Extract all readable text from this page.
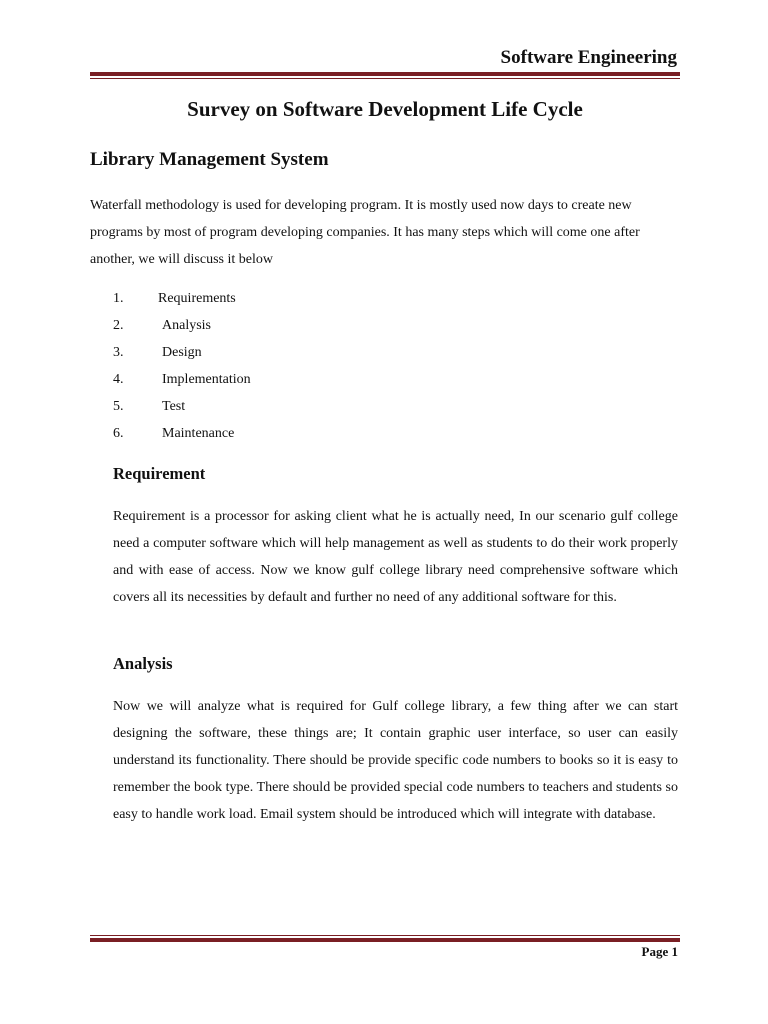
Software Engineering
Survey on Software Development Life Cycle
Library Management System

Waterfall methodology is used for developing program. It is mostly used now days to create new programs by most of program developing companies. It has many steps which will come one after another, we will discuss it below

1. Requirements
2.	Analysis
3.	Design
4.	Implementation
5.	Test
6.	Maintenance
Requirement

Requirement is a processor for asking client what he is actually need, In our scenario gulf college need a computer software which will help management as well as students to do their work properly and with ease of access. Now we know gulf college library need comprehensive software which covers all its necessities by default and further no need of any additional software for this.

Analysis

Now we will analyze what is required for Gulf college library, a few thing after we can start designing the software, these things are; It contain graphic user interface, so user can easily understand its functionality. There should be provide specific code numbers to books so it is easy to remember the book type. There should be provided special code numbers to teachers and students so easy to handle work load. Email system should be introduced which will integrate with database.

Page 1
